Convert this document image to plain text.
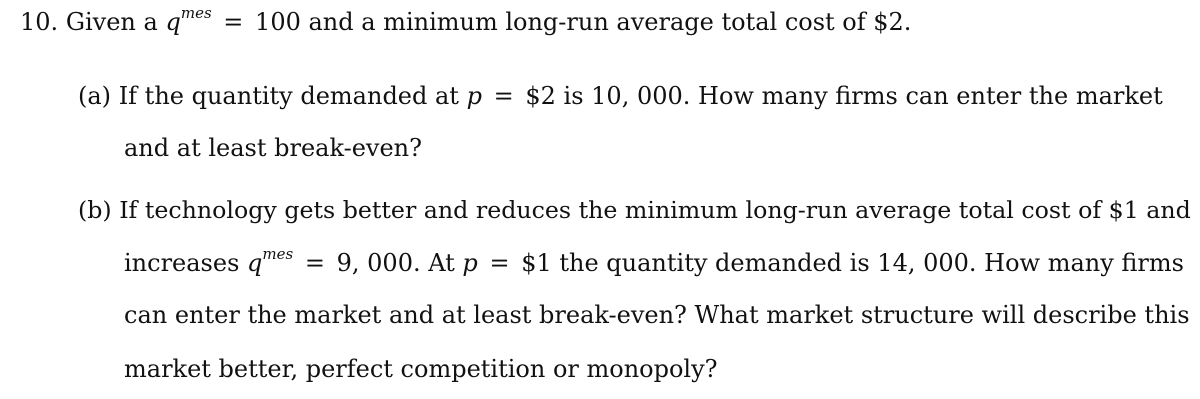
10. Given a $q^{mes} = 100$ and a minimum long-run average total cost of $2.
(a) If the quantity demanded at p = $2 is 10, 000. How many firms can enter the market
and at least break-even?
(b) If technology gets better and reduces the minimum long-run average total cost of $1 and
increases $q^{mes} = 9$, 000. At p = $1 the quantity demanded is 14, 000. How many firms
can enter the market and at least break-even? What market structure will describe this
market better, perfect competition or monopoly?
